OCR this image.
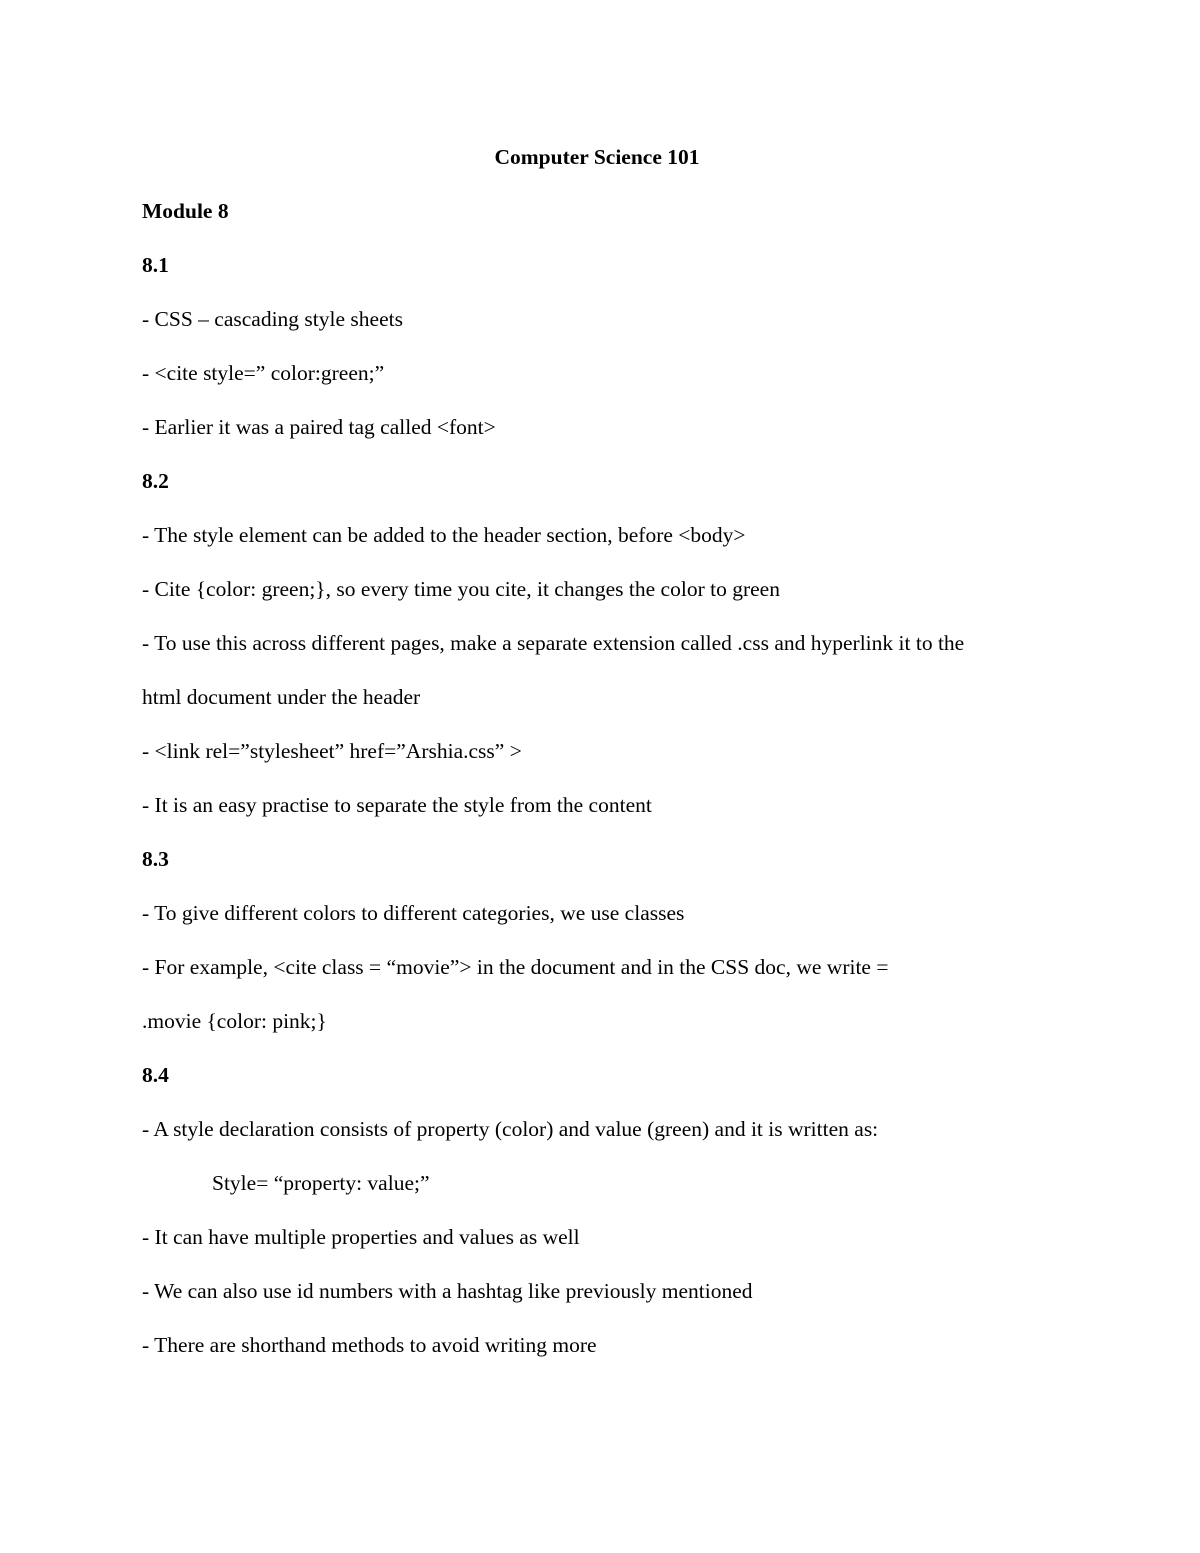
Computer Science 101

Module 8

8.1

- CSS – cascading style sheets

- <cite style=” color:green;”

- Earlier it was a paired tag called <font>

8.2

- The style element can be added to the header section, before <body>

- Cite {color: green;}, so every time you cite, it changes the color to green

- To use this across different pages, make a separate extension called .css and hyperlink it to the

html document under the header

- <link rel=”stylesheet” href=”Arshia.css” >

- It is an easy practise to separate the style from the content

8.3

- To give different colors to different categories, we use classes

- For example, <cite class = “movie”> in the document and in the CSS doc, we write =

.movie {color: pink;}

8.4

- A style declaration consists of property (color) and value (green) and it is written as:

Style= “property: value;”

- It can have multiple properties and values as well

- We can also use id numbers with a hashtag like previously mentioned

- There are shorthand methods to avoid writing more
